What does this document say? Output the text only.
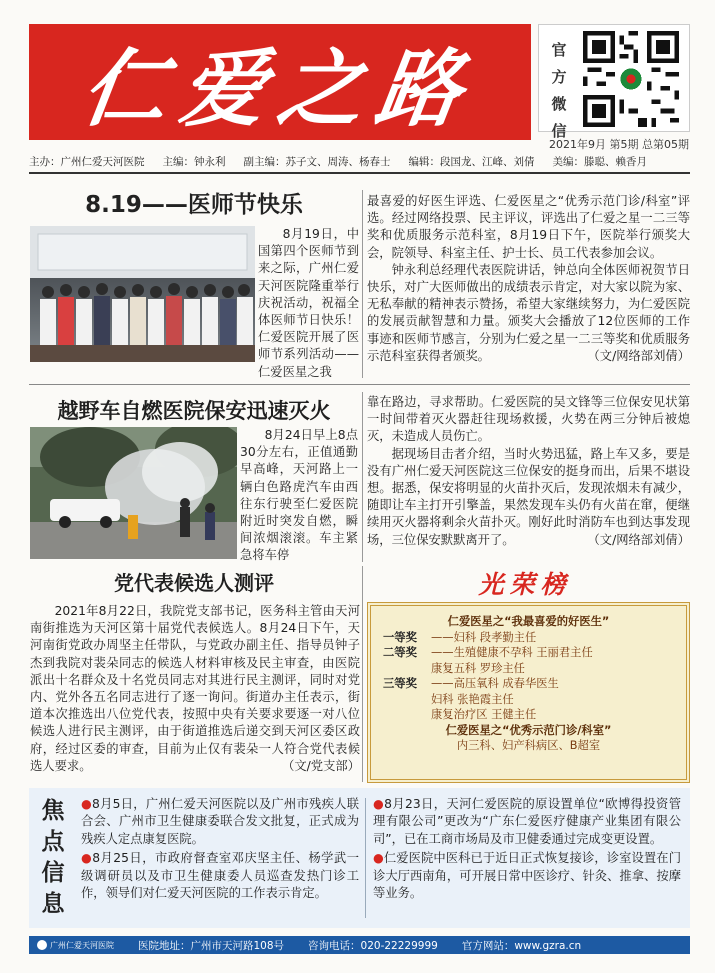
仁爱之路	官方微信
2021年9月 第5期 总第05期
主办：广州仁爱天河医院 主编：钟永利 副主编：苏子文、周涛、杨春士 编辑：段国龙、江峰、刘倩 美编：滕聪、赖香月
8.19——医师节快乐

8月19日，中国第四个医师节到来之际，广州仁爱天河医院隆重举行庆祝活动，祝福全体医师节日快乐！仁爱医院开展了医师节系列活动——仁爱医星之我

最喜爱的好医生评选、仁爱医星之“优秀示范门诊/科室”评选。经过网络投票、民主评议，评选出了仁爱之星一二三等奖和优质服务示范科室，8月19日下午，医院举行颁奖大会，院领导、科室主任、护士长、员工代表参加会议。

钟永利总经理代表医院讲话，钟总向全体医师祝贺节日快乐，对广大医师做出的成绩表示肯定，对大家以院为家、无私奉献的精神表示赞扬，希望大家继续努力，为仁爱医院的发展贡献智慧和力量。颁奖大会播放了12位医师的工作事迹和医师节感言，分别为仁爱之星一二三等奖和优质服务示范科室获得者颁奖。	（文/网络部刘倩）

越野车自燃医院保安迅速灭火

8月24日早上8点30分左右，正值通勤早高峰，天河路上一辆白色路虎汽车由西往东行驶至仁爱医院附近时突发自燃，瞬间浓烟滚滚。车主紧急将车停

靠在路边，寻求帮助。仁爱医院的吴文锋等三位保安见状第一时间带着灭火器赶往现场救援，火势在两三分钟后被熄灭，未造成人员伤亡。

据现场目击者介绍，当时火势迅猛，路上车又多，要是没有广州仁爱天河医院这三位保安的挺身而出，后果不堪设想。据悉，保安将明显的火苗扑灭后，发现浓烟未有减少，随即让车主打开引擎盖，果然发现车头仍有火苗在窜，便继续用灭火器将剩余火苗扑灭。刚好此时消防车也到达事发现场，三位保安默默离开了。	（文/网络部刘倩）

党代表候选人测评

2021年8月22日，我院党支部书记，医务科主管由天河南街推选为天河区第十届党代表候选人。8月24日下午，天河南街党政办周坚主任带队，与党政办副主任、指导员钟子杰到我院对裴朵同志的候选人材料审核及民主审查，由医院派出十名群众及十名党员同志对其进行民主测评，同时对党内、党外各五名同志进行了逐一询问。街道办主任表示，街道本次推选出八位党代表，按照中央有关要求要逐一对八位候选人进行民主测评，由于街道推选后递交到天河区委区政府，经过区委的审查，目前为止仅有裴朵一人符合党代表候选人要求。	（文/党支部）

光荣榜
仁爱医星之“我最喜爱的好医生”
一等奖	——妇科 段孝勤主任
二等奖	——生殖健康不孕科 王丽君主任
康复五科 罗珍主任
三等奖	——高压氧科 成春华医生
妇科 张艳霞主任
康复治疗区 王健主任
仁爱医星之“优秀示范门诊/科室”
内三科、妇产科病区、B超室
焦点信息

●8月5日，广州仁爱天河医院以及广州市残疾人联合会、广州市卫生健康委联合发文批复，正式成为残疾人定点康复医院。

●8月25日，市政府督查室邓庆坚主任、杨学武一级调研员以及市卫生健康委人员巡查发热门诊工作，领导们对仁爱天河医院的工作表示肯定。

●8月23日，天河仁爱医院的原设置单位“欧博得投资管理有限公司”更改为“广东仁爱医疗健康产业集团有限公司”，已在工商市场局及市卫健委通过完成变更设置。

●仁爱医院中医科已于近日正式恢复接诊，诊室设置在门诊大厅西南角，可开展日常中医诊疗、针灸、推拿、按摩等业务。

广州仁爱天河医院 医院地址：广州市天河路108号 咨询电话：020-22229999 官方网站：www.gzra.cn
